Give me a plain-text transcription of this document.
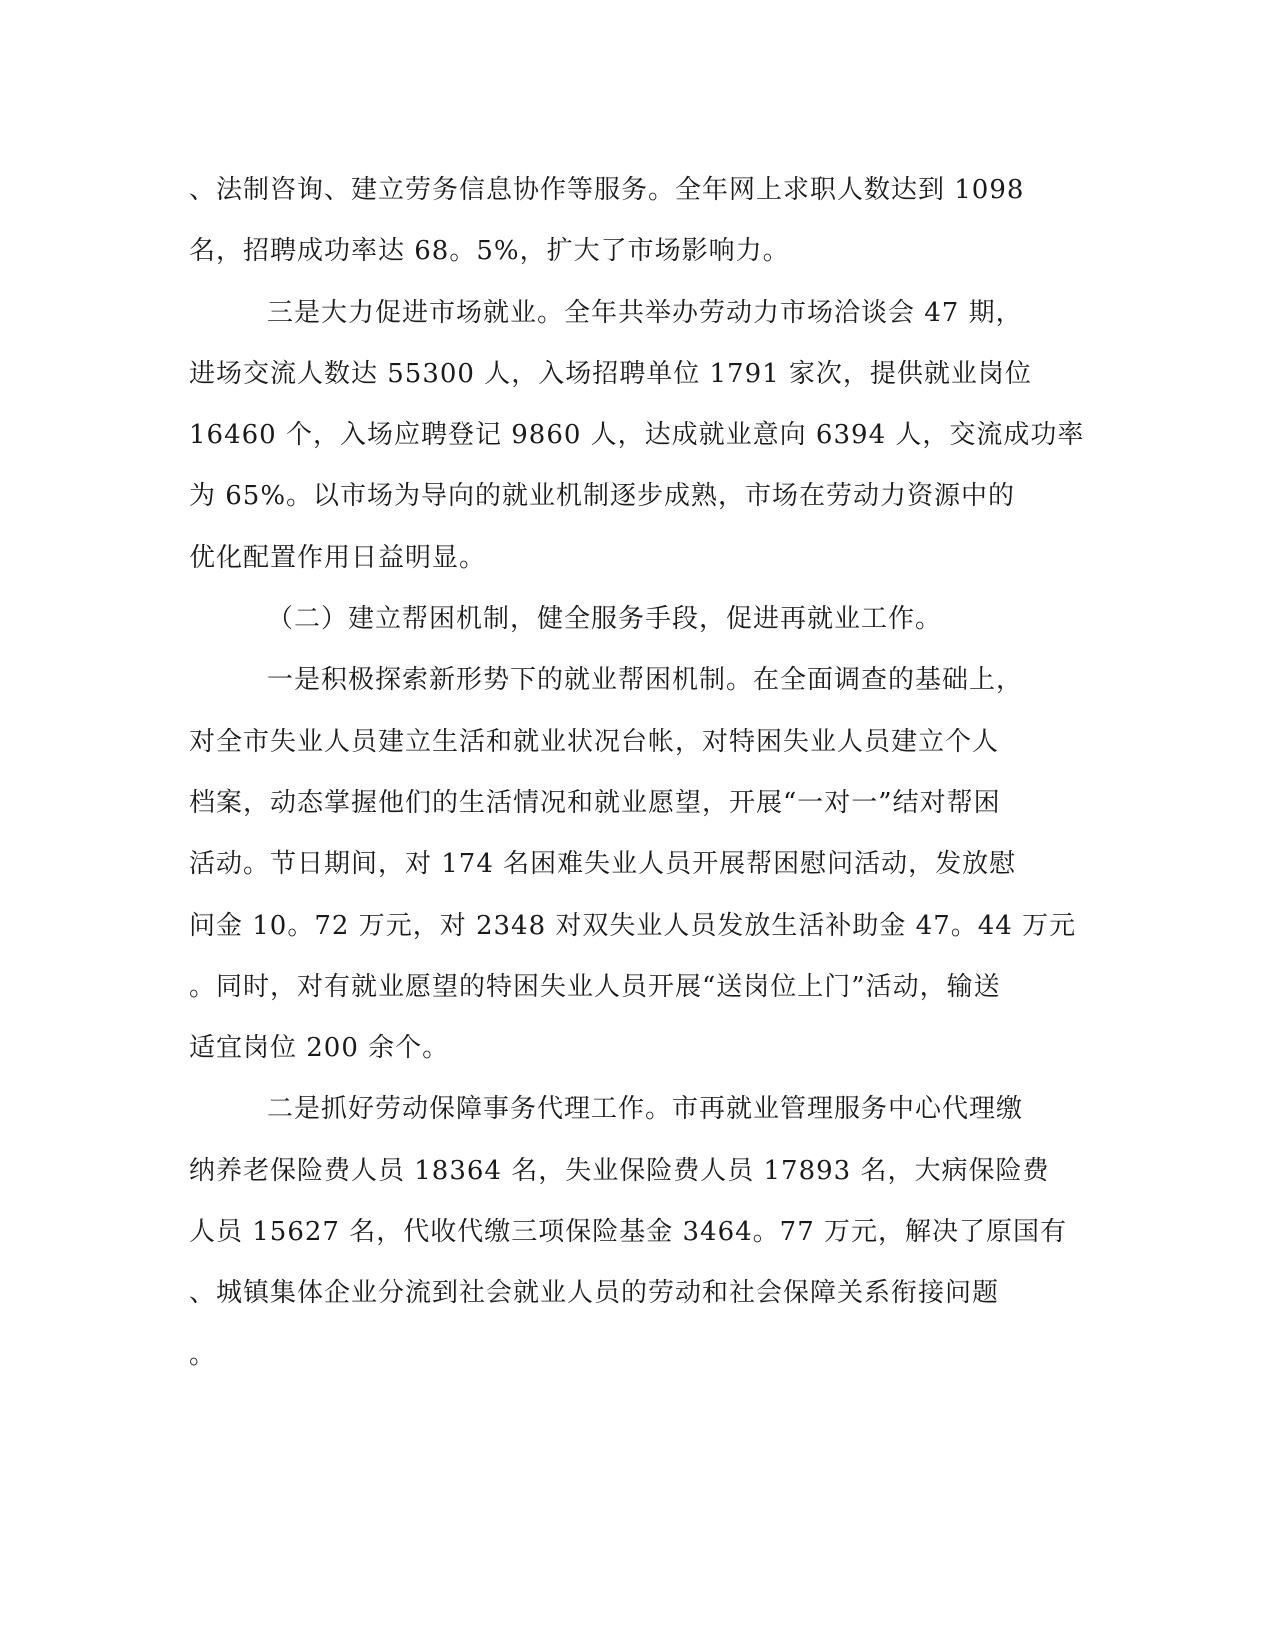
、法制咨询、建立劳务信息协作等服务。全年网上求职人数达到 1098
名，招聘成功率达 68。5%，扩大了市场影响力。
三是大力促进市场就业。全年共举办劳动力市场洽谈会 47 期，
进场交流人数达 55300 人，入场招聘单位 1791 家次，提供就业岗位
16460 个，入场应聘登记 9860 人，达成就业意向 6394 人，交流成功率
为 65%。以市场为导向的就业机制逐步成熟，市场在劳动力资源中的
优化配置作用日益明显。
（二）建立帮困机制，健全服务手段，促进再就业工作。
一是积极探索新形势下的就业帮困机制。在全面调查的基础上，
对全市失业人员建立生活和就业状况台帐，对特困失业人员建立个人
档案，动态掌握他们的生活情况和就业愿望，开展“一对一”结对帮困
活动。节日期间，对 174 名困难失业人员开展帮困慰问活动，发放慰
问金 10。72 万元，对 2348 对双失业人员发放生活补助金 47。44 万元
。同时，对有就业愿望的特困失业人员开展“送岗位上门”活动，输送
适宜岗位 200 余个。
二是抓好劳动保障事务代理工作。市再就业管理服务中心代理缴
纳养老保险费人员 18364 名，失业保险费人员 17893 名，大病保险费
人员 15627 名，代收代缴三项保险基金 3464。77 万元，解决了原国有
、城镇集体企业分流到社会就业人员的劳动和社会保障关系衔接问题
。
